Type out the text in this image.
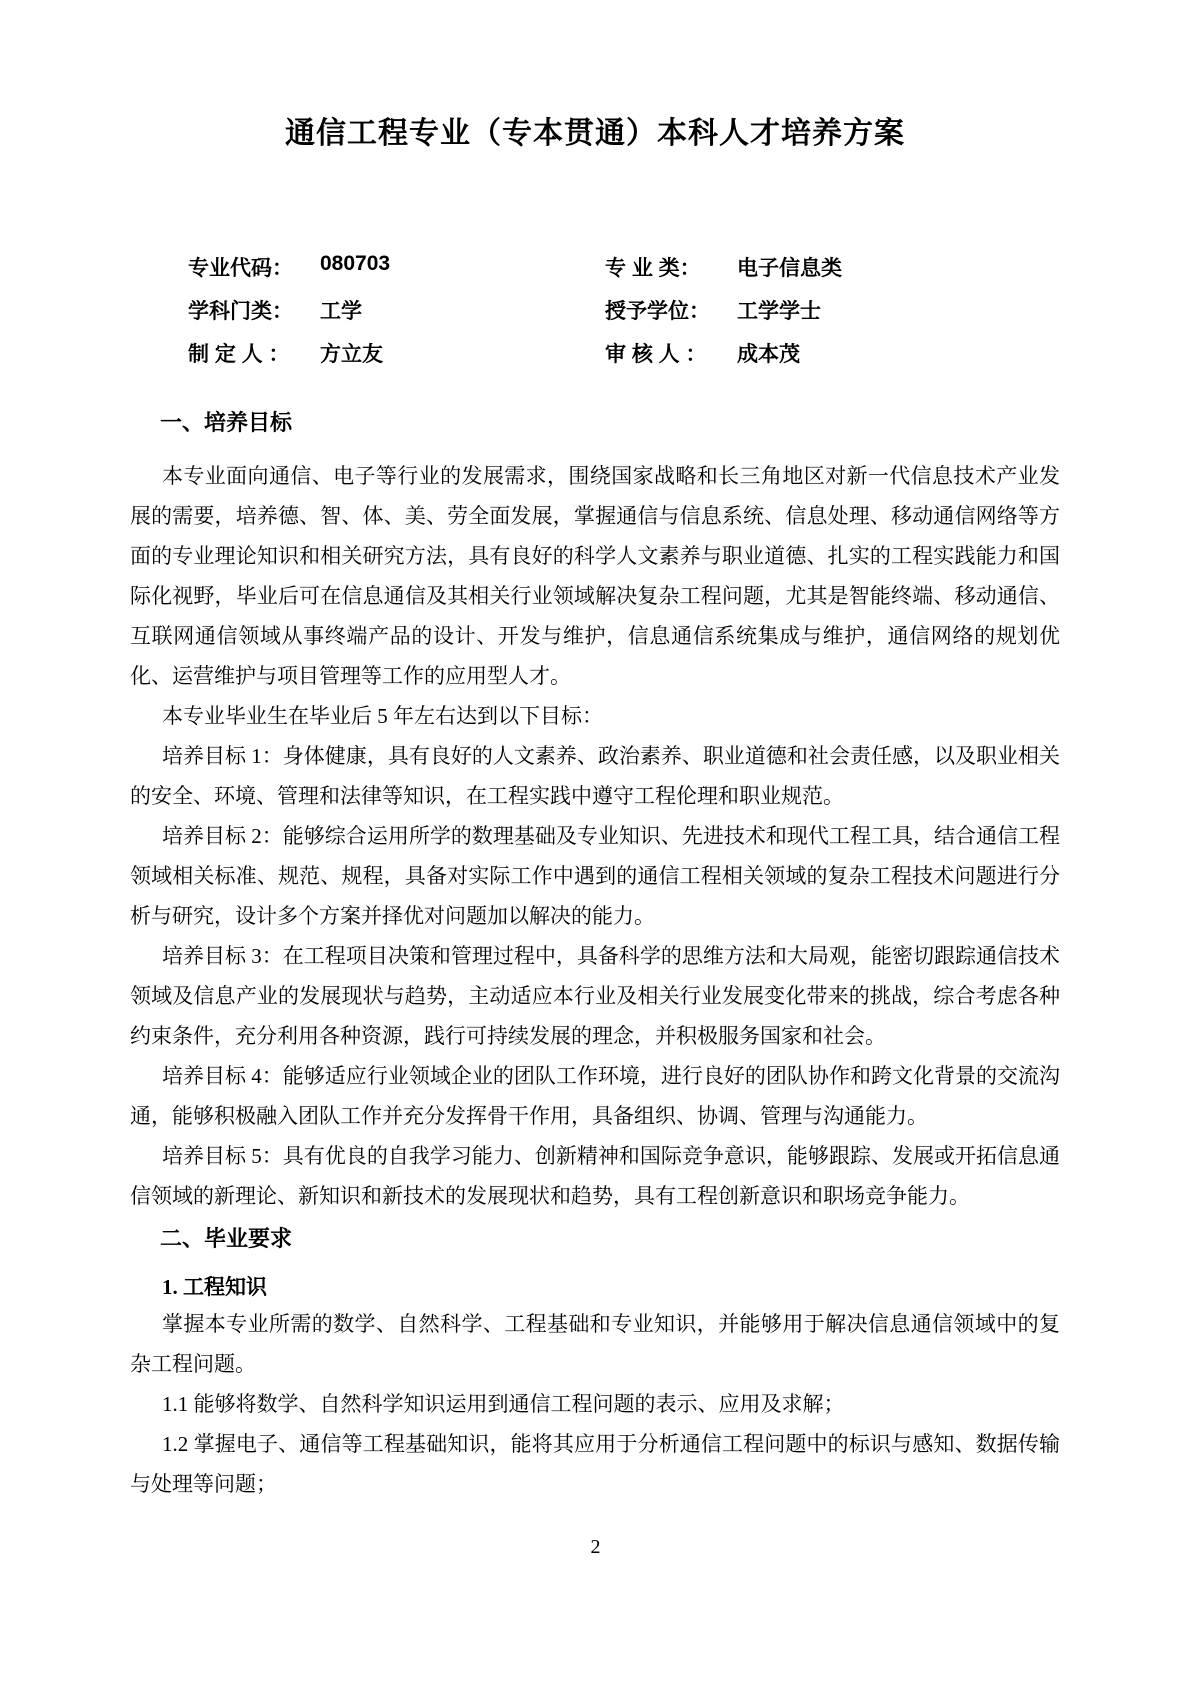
通信工程专业（专本贯通）本科人才培养方案
专业代码：	080703	专 业 类：	电子信息类
学科门类：	工学	授予学位：	工学学士
制 定 人 ：	方立友	审 核 人 ：	成本茂
一、培养目标

本专业面向通信、电子等行业的发展需求，围绕国家战略和长三角地区对新一代信息技术产业发展的需要，培养德、智、体、美、劳全面发展，掌握通信与信息系统、信息处理、移动通信网络等方面的专业理论知识和相关研究方法，具有良好的科学人文素养与职业道德、扎实的工程实践能力和国际化视野，毕业后可在信息通信及其相关行业领域解决复杂工程问题，尤其是智能终端、移动通信、互联网通信领域从事终端产品的设计、开发与维护，信息通信系统集成与维护，通信网络的规划优化、运营维护与项目管理等工作的应用型人才。

本专业毕业生在毕业后 5 年左右达到以下目标：

培养目标 1：身体健康，具有良好的人文素养、政治素养、职业道德和社会责任感，以及职业相关的安全、环境、管理和法律等知识，在工程实践中遵守工程伦理和职业规范。

培养目标 2：能够综合运用所学的数理基础及专业知识、先进技术和现代工程工具，结合通信工程领域相关标准、规范、规程，具备对实际工作中遇到的通信工程相关领域的复杂工程技术问题进行分析与研究，设计多个方案并择优对问题加以解决的能力。

培养目标 3：在工程项目决策和管理过程中，具备科学的思维方法和大局观，能密切跟踪通信技术领域及信息产业的发展现状与趋势，主动适应本行业及相关行业发展变化带来的挑战，综合考虑各种约束条件，充分利用各种资源，践行可持续发展的理念，并积极服务国家和社会。

培养目标 4：能够适应行业领域企业的团队工作环境，进行良好的团队协作和跨文化背景的交流沟通，能够积极融入团队工作并充分发挥骨干作用，具备组织、协调、管理与沟通能力。

培养目标 5：具有优良的自我学习能力、创新精神和国际竞争意识，能够跟踪、发展或开拓信息通信领域的新理论、新知识和新技术的发展现状和趋势，具有工程创新意识和职场竞争能力。

二、毕业要求
1. 工程知识

掌握本专业所需的数学、自然科学、工程基础和专业知识，并能够用于解决信息通信领域中的复杂工程问题。

1.1 能够将数学、自然科学知识运用到通信工程问题的表示、应用及求解；

1.2 掌握电子、通信等工程基础知识，能将其应用于分析通信工程问题中的标识与感知、数据传输与处理等问题；

2
